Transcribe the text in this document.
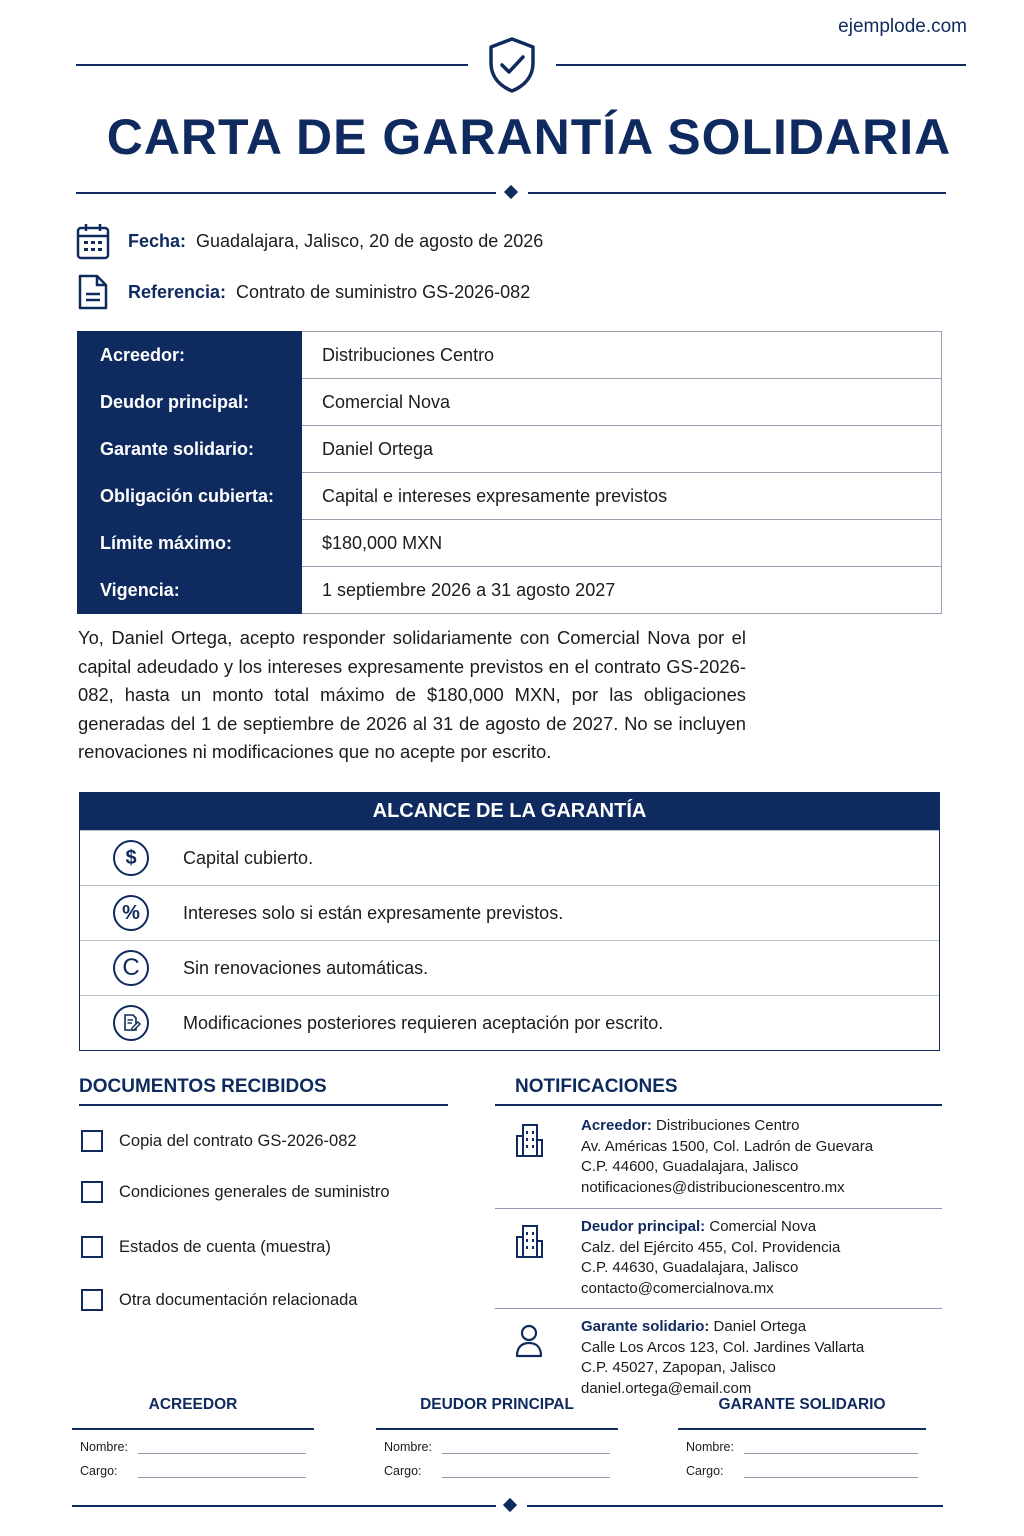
ejemplode.com
CARTA DE GARANTÍA SOLIDARIA
Fecha: Guadalajara, Jalisco, 20 de agosto de 2026
Referencia: Contrato de suministro GS-2026-082
Acreedor:	Distribuciones Centro
Deudor principal:	Comercial Nova
Garante solidario:	Daniel Ortega
Obligación cubierta:	Capital e intereses expresamente previstos
Límite máximo:	$180,000 MXN
Vigencia:	1 septiembre 2026 a 31 agosto 2027
Yo, Daniel Ortega, acepto responder solidariamente con Comercial Nova por el capital adeudado y los intereses expresamente previstos en el contrato GS-2026-082, hasta un monto total máximo de $180,000 MXN, por las obligaciones generadas del 1 de septiembre de 2026 al 31 de agosto de 2027. No se incluyen renovaciones ni modificaciones que no acepte por escrito.
ALCANCE DE LA GARANTÍA
$	Capital cubierto.
%	Intereses solo si están expresamente previstos.
C	Sin renovaciones automáticas.
Modificaciones posteriores requieren aceptación por escrito.
DOCUMENTOS RECIBIDOS
Copia del contrato GS-2026-082
Condiciones generales de suministro
Estados de cuenta (muestra)
Otra documentación relacionada
NOTIFICACIONES
Acreedor: Distribuciones Centro
Av. Américas 1500, Col. Ladrón de Guevara
C.P. 44600, Guadalajara, Jalisco
notificaciones@distribucionescentro.mx
Deudor principal: Comercial Nova
Calz. del Ejército 455, Col. Providencia
C.P. 44630, Guadalajara, Jalisco
contacto@comercialnova.mx
Garante solidario: Daniel Ortega
Calle Los Arcos 123, Col. Jardines Vallarta
C.P. 45027, Zapopan, Jalisco
daniel.ortega@email.com
ACREEDOR
Nombre:
Cargo:
DEUDOR PRINCIPAL
Nombre:
Cargo:
GARANTE SOLIDARIO
Nombre:
Cargo:
